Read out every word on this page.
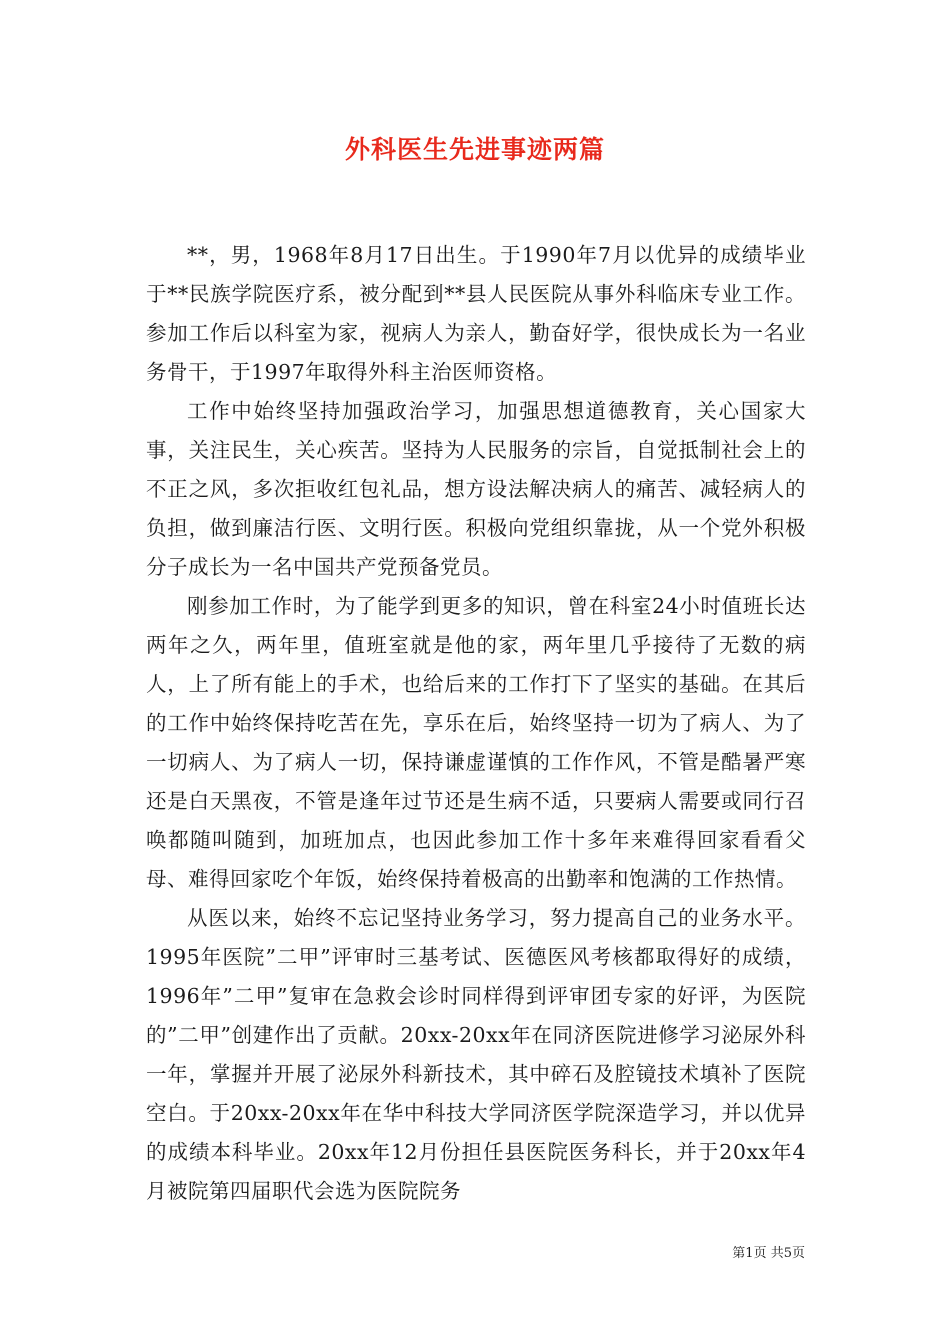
外科医生先进事迹两篇

**，男，1968年8月17日出生。于1990年7月以优异的成绩毕业于**民族学院医疗系，被分配到**县人民医院从事外科临床专业工作。参加工作后以科室为家，视病人为亲人，勤奋好学，很快成长为一名业务骨干，于1997年取得外科主治医师资格。

工作中始终坚持加强政治学习，加强思想道德教育，关心国家大事，关注民生，关心疾苦。坚持为人民服务的宗旨，自觉抵制社会上的不正之风，多次拒收红包礼品，想方设法解决病人的痛苦、减轻病人的负担，做到廉洁行医、文明行医。积极向党组织靠拢，从一个党外积极分子成长为一名中国共产党预备党员。

刚参加工作时，为了能学到更多的知识，曾在科室24小时值班长达两年之久，两年里，值班室就是他的家，两年里几乎接待了无数的病人，上了所有能上的手术，也给后来的工作打下了坚实的基础。在其后的工作中始终保持吃苦在先，享乐在后，始终坚持一切为了病人、为了一切病人、为了病人一切，保持谦虚谨慎的工作作风，不管是酷暑严寒还是白天黑夜，不管是逢年过节还是生病不适，只要病人需要或同行召唤都随叫随到，加班加点，也因此参加工作十多年来难得回家看看父母、难得回家吃个年饭，始终保持着极高的出勤率和饱满的工作热情。

从医以来，始终不忘记坚持业务学习，努力提高自己的业务水平。1995年医院”二甲”评审时三基考试、医德医风考核都取得好的成绩，1996年”二甲”复审在急救会诊时同样得到评审团专家的好评，为医院的”二甲”创建作出了贡献。20xx-20xx年在同济医院进修学习泌尿外科一年，掌握并开展了泌尿外科新技术，其中碎石及腔镜技术填补了医院空白。于20xx-20xx年在华中科技大学同济医学院深造学习，并以优异的成绩本科毕业。20xx年12月份担任县医院医务科长，并于20xx年4月被院第四届职代会选为医院院务

第1页 共5页
